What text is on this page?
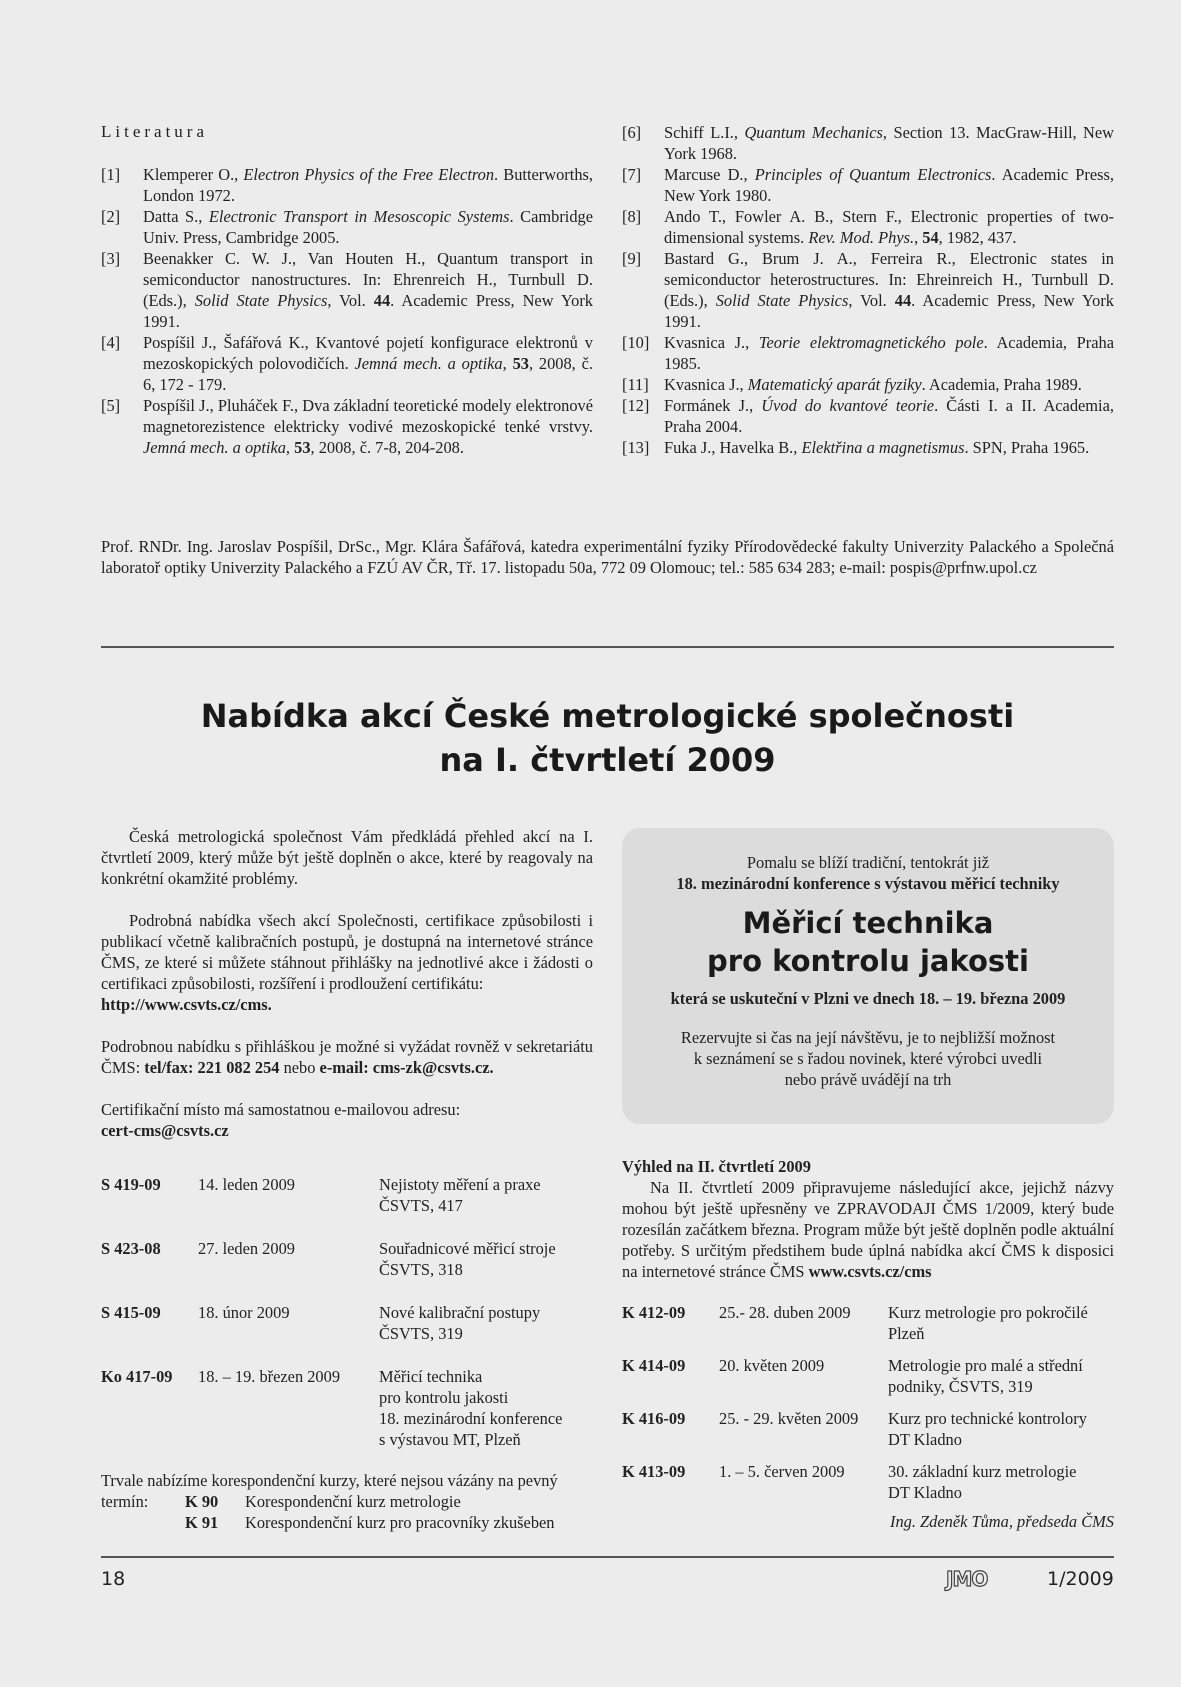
Literatura

[1] Klemperer O., Electron Physics of the Free Electron. Butterworths, London 1972.

[2] Datta S., Electronic Transport in Mesoscopic Systems. Cambridge Univ. Press, Cambridge 2005.

[3] Beenakker C. W. J., Van Houten H., Quantum transport in semiconductor nanostructures. In: Ehrenreich H., Turnbull D. (Eds.), Solid State Physics, Vol. 44. Academic Press, New York 1991.

[4] Pospíšil J., Šafářová K., Kvantové pojetí konfigurace elektronů v mezoskopických polovodičích. Jemná mech. a optika, 53, 2008, č. 6, 172 - 179.

[5] Pospíšil J., Pluháček F., Dva základní teoretické modely elektronové magnetorezistence elektricky vodivé mezoskopické tenké vrstvy. Jemná mech. a optika, 53, 2008, č. 7-8, 204-208.

[6] Schiff L.I., Quantum Mechanics, Section 13. MacGraw-Hill, New York 1968.

[7] Marcuse D., Principles of Quantum Electronics. Academic Press, New York 1980.

[8] Ando T., Fowler A. B., Stern F., Electronic properties of two-dimensional systems. Rev. Mod. Phys., 54, 1982, 437.

[9] Bastard G., Brum J. A., Ferreira R., Electronic states in semiconductor heterostructures. In: Ehreinreich H., Turnbull D. (Eds.), Solid State Physics, Vol. 44. Academic Press, New York 1991.

[10] Kvasnica J., Teorie elektromagnetického pole. Academia, Praha 1985.

[11] Kvasnica J., Matematický aparát fyziky. Academia, Praha 1989.

[12] Formánek J., Úvod do kvantové teorie. Části I. a II. Academia, Praha 2004.

[13] Fuka J., Havelka B., Elektřina a magnetismus. SPN, Praha 1965.

Prof. RNDr. Ing. Jaroslav Pospíšil, DrSc., Mgr. Klára Šafářová, katedra experimentální fyziky Přírodovědecké fakulty Univerzity Palackého a Společná laboratoř optiky Univerzity Palackého a FZÚ AV ČR, Tř. 17. listopadu 50a, 772 09 Olomouc; tel.: 585 634 283; e-mail: pospis@prfnw.upol.cz
Nabídka akcí České metrologické společnosti
na I. čtvrtletí 2009

Česká metrologická společnost Vám předkládá přehled akcí na I. čtvrtletí 2009, který může být ještě doplněn o akce, které by reagovaly na konkrétní okamžité problémy.

Podrobná nabídka všech akcí Společnosti, certifikace způsobilosti i publikací včetně kalibračních postupů, je dostupná na internetové stránce ČMS, ze které si můžete stáhnout přihlášky na jednotlivé akce i žádosti o certifikaci způsobilosti, rozšíření i prodloužení certifikátu:
http://www.csvts.cz/cms.

Podrobnou nabídku s přihláškou je možné si vyžádat rovněž v sekretariátu ČMS: tel/fax: 221 082 254 nebo e-mail: cms-zk@csvts.cz.

Certifikační místo má samostatnou e-mailovou adresu:
cert-cms@csvts.cz

S 419-09 14. leden 2009	Nejistoty měření a praxe
ČSVTS, 417
S 423-08 27. leden 2009	Souřadnicové měřicí stroje
ČSVTS, 318
S 415-09 18. únor 2009	Nové kalibrační postupy
ČSVTS, 319
Ko 417-09 18. – 19. březen 2009 Měřicí technika
pro kontrolu jakosti
18. mezinárodní konference
s výstavou MT, Plzeň
Trvale nabízíme korespondenční kurzy, které nejsou vázány na pevný
termín: K 90 Korespondenční kurz metrologie
K 91 Korespondenční kurz pro pracovníky zkušeben
Pomalu se blíží tradiční, tentokrát již
18. mezinárodní konference s výstavou měřicí techniky
Měřicí technika
pro kontrolu jakosti
která se uskuteční v Plzni ve dnech 18. – 19. března 2009
Rezervujte si čas na její návštěvu, je to nejbližší možnost
k seznámení se s řadou novinek, které výrobci uvedli
nebo právě uvádějí na trh
Výhled na II. čtvrtletí 2009
Na II. čtvrtletí 2009 připravujeme následující akce, jejichž názvy mohou být ještě upřesněny ve ZPRAVODAJI ČMS 1/2009, který bude rozesílán začátkem března. Program může být ještě doplněn podle aktuální potřeby. S určitým předstihem bude úplná nabídka akcí ČMS k disposici na internetové stránce ČMS www.csvts.cz/cms
K 412-09 25.- 28. duben 2009 Kurz metrologie pro pokročilé
Plzeň
K 414-09 20. květen 2009	Metrologie pro malé a střední
podniky, ČSVTS, 319
K 416-09 25. - 29. květen 2009 Kurz pro technické kontrolory
DT Kladno
K 413-09 1. – 5. červen 2009	30. základní kurz metrologie
DT Kladno
Ing. Zdeněk Tůma, předseda ČMS
18	JMO	1/2009
